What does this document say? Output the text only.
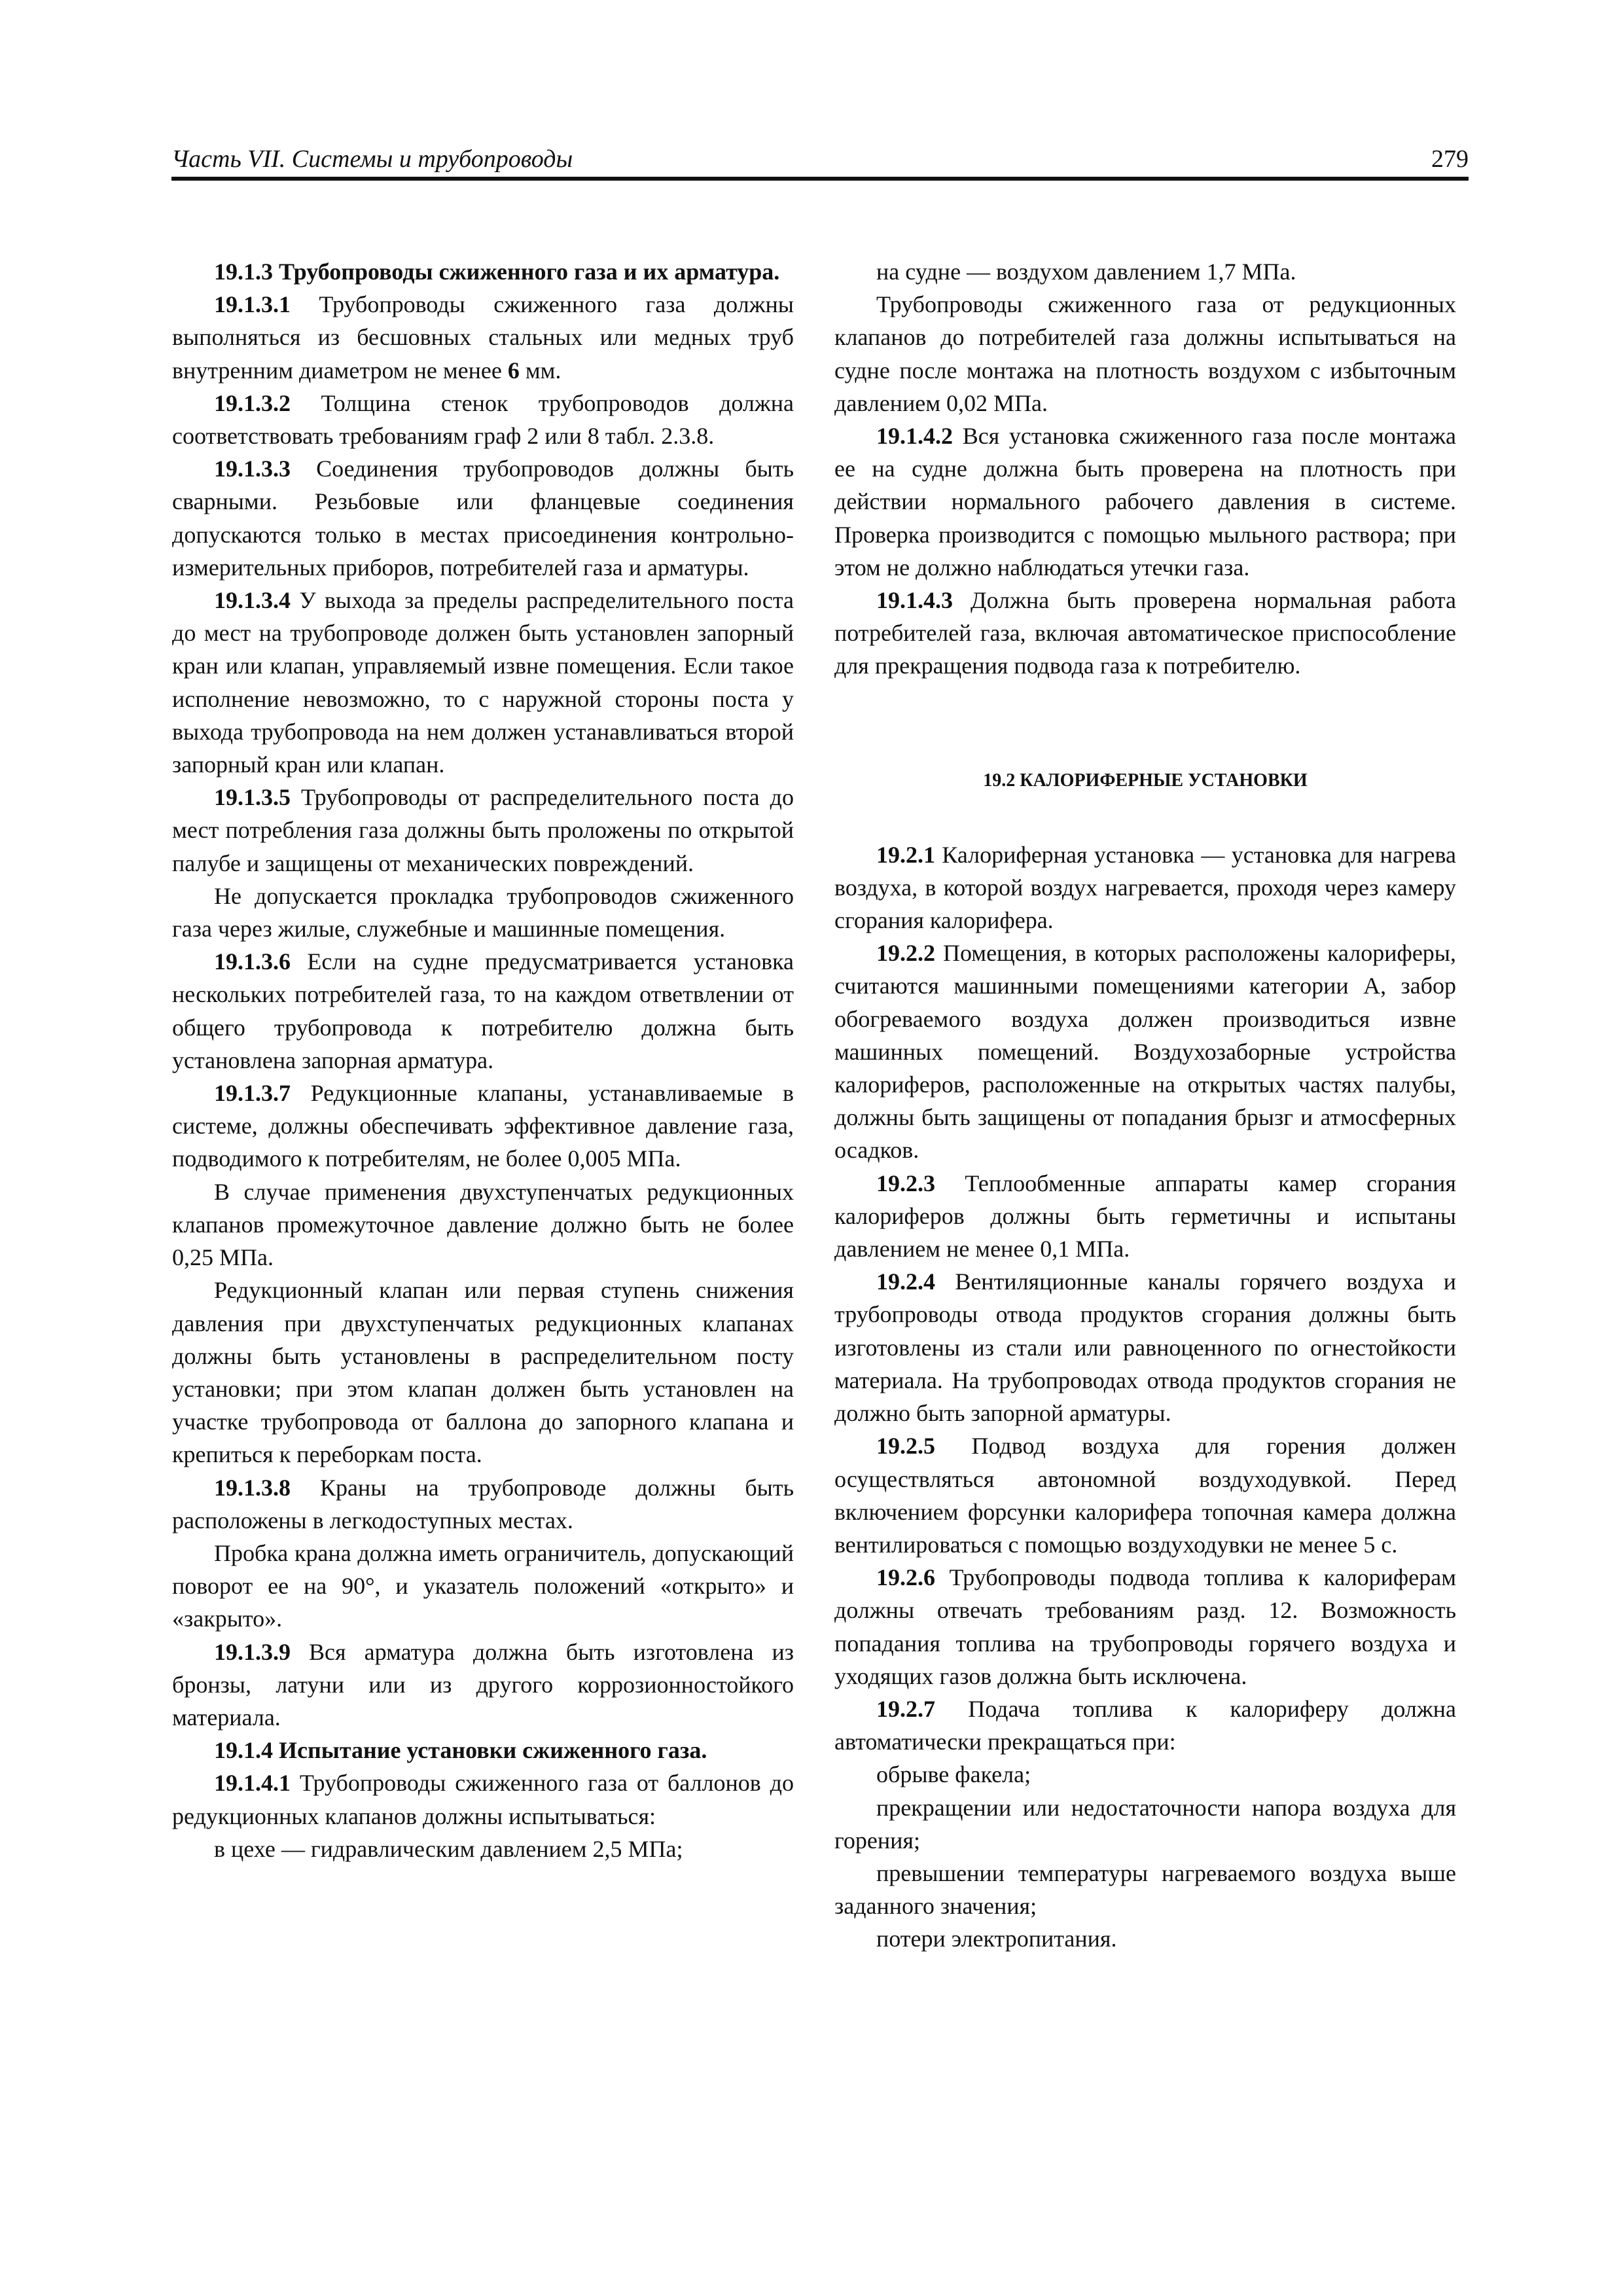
Часть VII. Системы и трубопроводы	279

19.1.3 Трубопроводы сжиженного газа и их арматура.

19.1.3.1 Трубопроводы сжиженного газа должны выполняться из бесшовных стальных или медных труб внутренним диаметром не менее 6 мм.

19.1.3.2 Толщина стенок трубопроводов должна соответствовать требованиям граф 2 или 8 табл. 2.3.8.

19.1.3.3 Соединения трубопроводов должны быть сварными. Резьбовые или фланцевые соединения допускаются только в местах присоединения контрольно-измерительных приборов, потребителей газа и арматуры.

19.1.3.4 У выхода за пределы распределительного поста до мест на трубопроводе должен быть установлен запорный кран или клапан, управляемый извне помещения. Если такое исполнение невозможно, то с наружной стороны поста у выхода трубопровода на нем должен устанавливаться второй запорный кран или клапан.

19.1.3.5 Трубопроводы от распределительного поста до мест потребления газа должны быть проложены по открытой палубе и защищены от механических повреждений.

Не допускается прокладка трубопроводов сжиженного газа через жилые, служебные и машинные помещения.

19.1.3.6 Если на судне предусматривается установка нескольких потребителей газа, то на каждом ответвлении от общего трубопровода к потребителю должна быть установлена запорная арматура.

19.1.3.7 Редукционные клапаны, устанавливаемые в системе, должны обеспечивать эффективное давление газа, подводимого к потребителям, не более 0,005 МПа.

В случае применения двухступенчатых редукционных клапанов промежуточное давление должно быть не более 0,25 МПа.

Редукционный клапан или первая ступень снижения давления при двухступенчатых редукционных клапанах должны быть установлены в распределительном посту установки; при этом клапан должен быть установлен на участке трубопровода от баллона до запорного клапана и крепиться к переборкам поста.

19.1.3.8 Краны на трубопроводе должны быть расположены в легкодоступных местах.

Пробка крана должна иметь ограничитель, допускающий поворот ее на 90°, и указатель положений «открыто» и «закрыто».

19.1.3.9 Вся арматура должна быть изготовлена из бронзы, латуни или из другого коррозионностойкого материала.

19.1.4 Испытание установки сжиженного газа.

19.1.4.1 Трубопроводы сжиженного газа от баллонов до редукционных клапанов должны испытываться:

в цехе — гидравлическим давлением 2,5 МПа;

на судне — воздухом давлением 1,7 МПа.

Трубопроводы сжиженного газа от редукционных клапанов до потребителей газа должны испытываться на судне после монтажа на плотность воздухом с избыточным давлением 0,02 МПа.

19.1.4.2 Вся установка сжиженного газа после монтажа ее на судне должна быть проверена на плотность при действии нормального рабочего давления в системе. Проверка производится с помощью мыльного раствора; при этом не должно наблюдаться утечки газа.

19.1.4.3 Должна быть проверена нормальная работа потребителей газа, включая автоматическое приспособление для прекращения подвода газа к потребителю.

19.2 КАЛОРИФЕРНЫЕ УСТАНОВКИ

19.2.1 Калориферная установка — установка для нагрева воздуха, в которой воздух нагревается, проходя через камеру сгорания калорифера.

19.2.2 Помещения, в которых расположены калориферы, считаются машинными помещениями категории А, забор обогреваемого воздуха должен производиться извне машинных помещений. Воздухозаборные устройства калориферов, расположенные на открытых частях палубы, должны быть защищены от попадания брызг и атмосферных осадков.

19.2.3 Теплообменные аппараты камер сгорания калориферов должны быть герметичны и испытаны давлением не менее 0,1 МПа.

19.2.4 Вентиляционные каналы горячего воздуха и трубопроводы отвода продуктов сгорания должны быть изготовлены из стали или равноценного по огнестойкости материала. На трубопроводах отвода продуктов сгорания не должно быть запорной арматуры.

19.2.5 Подвод воздуха для горения должен осуществляться автономной воздуходувкой. Перед включением форсунки калорифера топочная камера должна вентилироваться с помощью воздуходувки не менее 5 с.

19.2.6 Трубопроводы подвода топлива к калориферам должны отвечать требованиям разд. 12. Возможность попадания топлива на трубопроводы горячего воздуха и уходящих газов должна быть исключена.

19.2.7 Подача топлива к калориферу должна автоматически прекращаться при:

обрыве факела;

прекращении или недостаточности напора воздуха для горения;

превышении температуры нагреваемого воздуха выше заданного значения;

потери электропитания.
